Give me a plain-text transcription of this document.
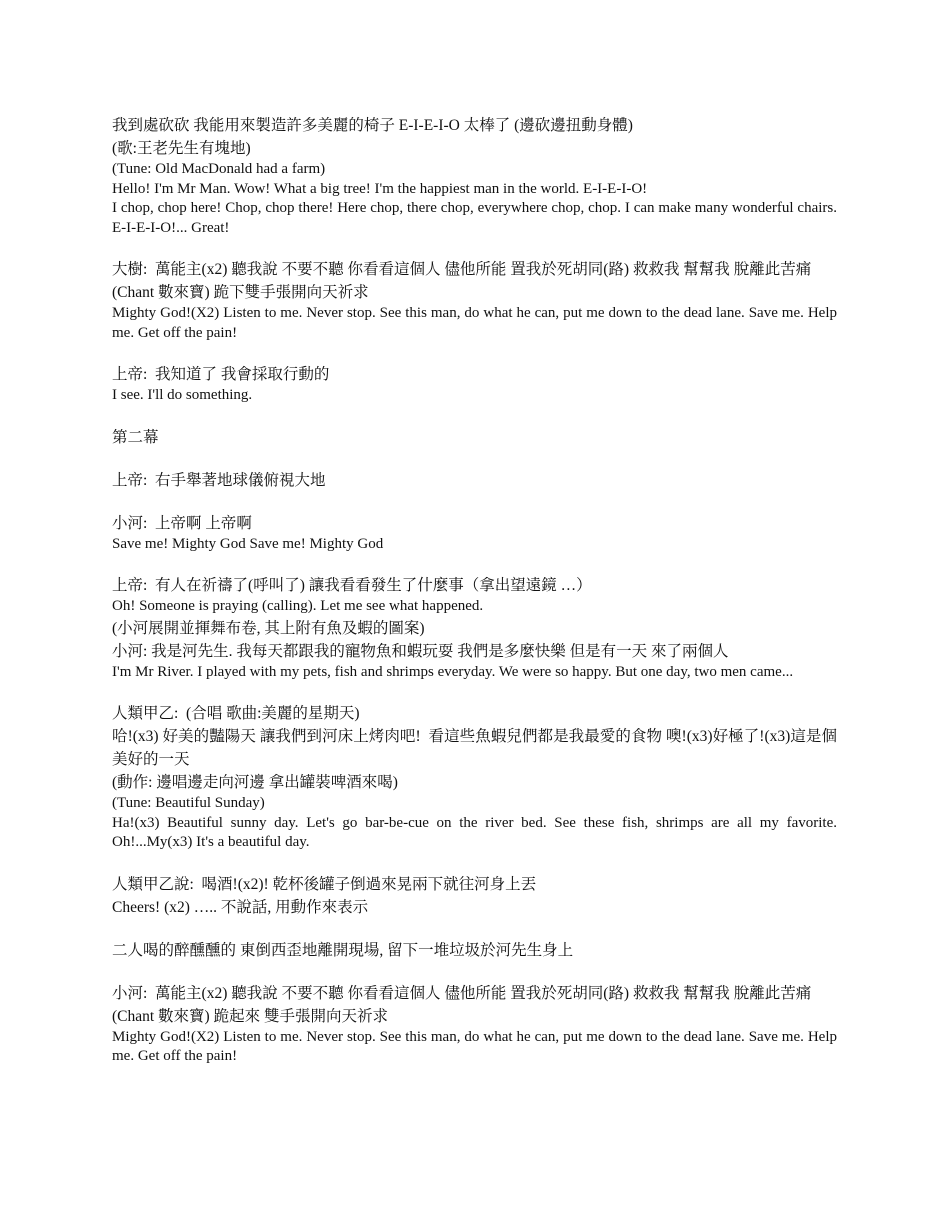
我到處砍砍 我能用來製造許多美麗的椅子 E-I-E-I-O 太棒了 (邊砍邊扭動身體)

(歌:王老先生有塊地)

(Tune: Old MacDonald had a farm)

Hello! I'm Mr Man. Wow! What a big tree! I'm the happiest man in the world. E-I-E-I-O!

I chop, chop here! Chop, chop there! Here chop, there chop, everywhere chop, chop. I can make many wonderful chairs. E-I-E-I-O!... Great!

大樹:  萬能主(x2) 聽我說 不要不聽 你看看這個人 儘他所能 置我於死胡同(路) 救救我 幫幫我 脫離此苦痛

(Chant 數來寶) 跪下雙手張開向天祈求

Mighty God!(X2) Listen to me. Never stop. See this man, do what he can, put me down to the dead lane. Save me. Help me. Get off the pain!

上帝:  我知道了 我會採取行動的

I see. I'll do something.

第二幕

上帝:  右手舉著地球儀俯視大地

小河:  上帝啊 上帝啊

Save me! Mighty God Save me! Mighty God

上帝:  有人在祈禱了(呼叫了) 讓我看看發生了什麼事（拿出望遠鏡 …）

Oh! Someone is praying (calling). Let me see what happened.

(小河展開並揮舞布卷, 其上附有魚及蝦的圖案)

小河: 我是河先生. 我每天都跟我的寵物魚和蝦玩耍 我們是多麼快樂 但是有一天 來了兩個人

I'm Mr River. I played with my pets, fish and shrimps everyday. We were so happy. But one day, two men came...

人類甲乙:  (合唱 歌曲:美麗的星期天)

哈!(x3) 好美的豔陽天 讓我們到河床上烤肉吧!  看這些魚蝦兒們都是我最愛的食物 噢!(x3)好極了!(x3)這是個美好的一天

(動作: 邊唱邊走向河邊 拿出罐裝啤酒來喝)

(Tune: Beautiful Sunday)

Ha!(x3) Beautiful sunny day. Let's go bar-be-cue on the river bed. See these fish, shrimps are all my favorite. Oh!...My(x3) It's a beautiful day.

人類甲乙說:  喝酒!(x2)! 乾杯後罐子倒過來晃兩下就往河身上丟

Cheers! (x2) ….. 不說話, 用動作來表示

二人喝的醉醺醺的 東倒西歪地離開現場, 留下一堆垃圾於河先生身上

小河:  萬能主(x2) 聽我說 不要不聽 你看看這個人 儘他所能 置我於死胡同(路) 救救我 幫幫我 脫離此苦痛

(Chant 數來寶) 跪起來 雙手張開向天祈求

Mighty God!(X2) Listen to me. Never stop. See this man, do what he can, put me down to the dead lane. Save me. Help me. Get off the pain!
